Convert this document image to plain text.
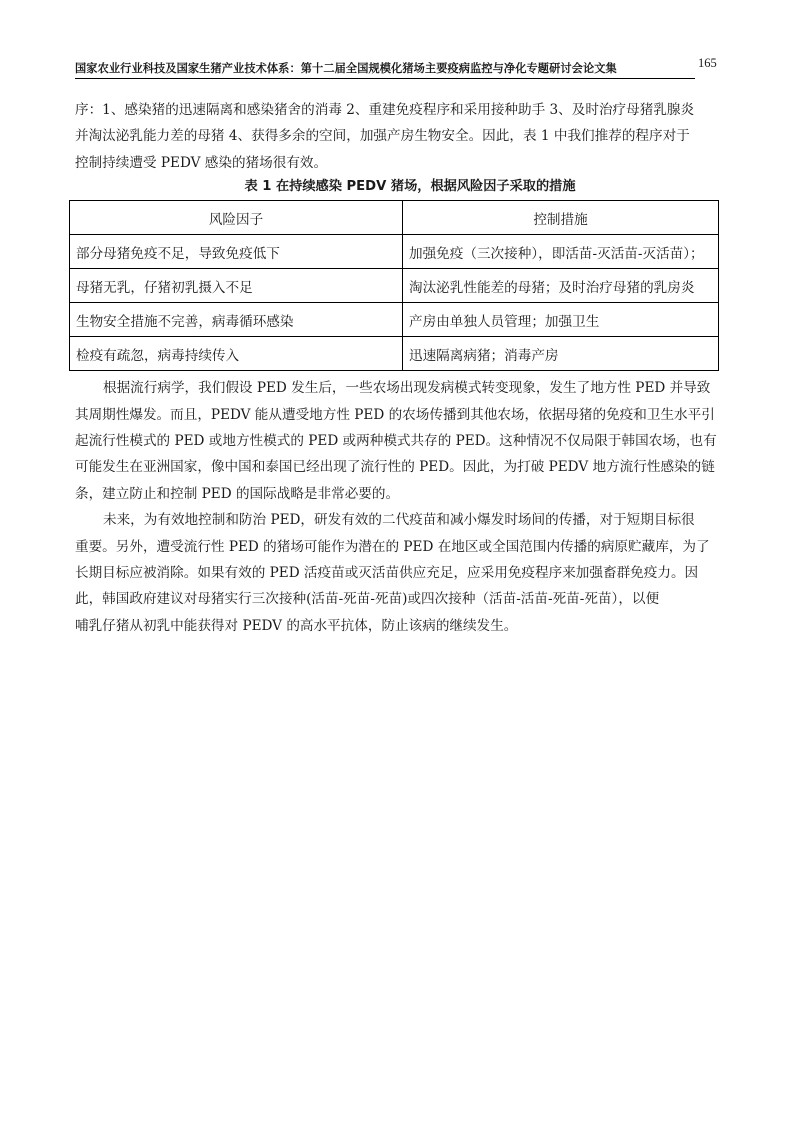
国家农业行业科技及国家生猪产业技术体系：第十二届全国规模化猪场主要疫病监控与净化专题研讨会论文集	165

序：1、感染猪的迅速隔离和感染猪舍的消毒 2、重建免疫程序和采用接种助手 3、及时治疗母猪乳腺炎
并淘汰泌乳能力差的母猪 4、获得多余的空间，加强产房生物安全。因此，表 1 中我们推荐的程序对于
控制持续遭受 PEDV 感染的猪场很有效。

表 1 在持续感染 PEDV 猪场，根据风险因子采取的措施
风险因子	控制措施
部分母猪免疫不足，导致免疫低下	加强免疫（三次接种），即活苗-灭活苗-灭活苗）；
母猪无乳，仔猪初乳摄入不足	淘汰泌乳性能差的母猪；及时治疗母猪的乳房炎
生物安全措施不完善，病毒循环感染	产房由单独人员管理；加强卫生
检疫有疏忽，病毒持续传入	迅速隔离病猪；消毒产房

根据流行病学，我们假设 PED 发生后，一些农场出现发病模式转变现象，发生了地方性 PED 并导致
其周期性爆发。而且，PEDV 能从遭受地方性 PED 的农场传播到其他农场，依据母猪的免疫和卫生水平引
起流行性模式的 PED 或地方性模式的 PED 或两种模式共存的 PED。这种情况不仅局限于韩国农场，也有
可能发生在亚洲国家，像中国和泰国已经出现了流行性的 PED。因此，为打破 PEDV 地方流行性感染的链
条，建立防止和控制 PED 的国际战略是非常必要的。

未来，为有效地控制和防治 PED，研发有效的二代疫苗和减小爆发时场间的传播，对于短期目标很
重要。另外，遭受流行性 PED 的猪场可能作为潜在的 PED 在地区或全国范围内传播的病原贮藏库，为了
长期目标应被消除。如果有效的 PED 活疫苗或灭活苗供应充足，应采用免疫程序来加强畜群免疫力。因
此，韩国政府建议对母猪实行三次接种(活苗-死苗-死苗)或四次接种（活苗-活苗-死苗-死苗），以便
哺乳仔猪从初乳中能获得对 PEDV 的高水平抗体，防止该病的继续发生。
